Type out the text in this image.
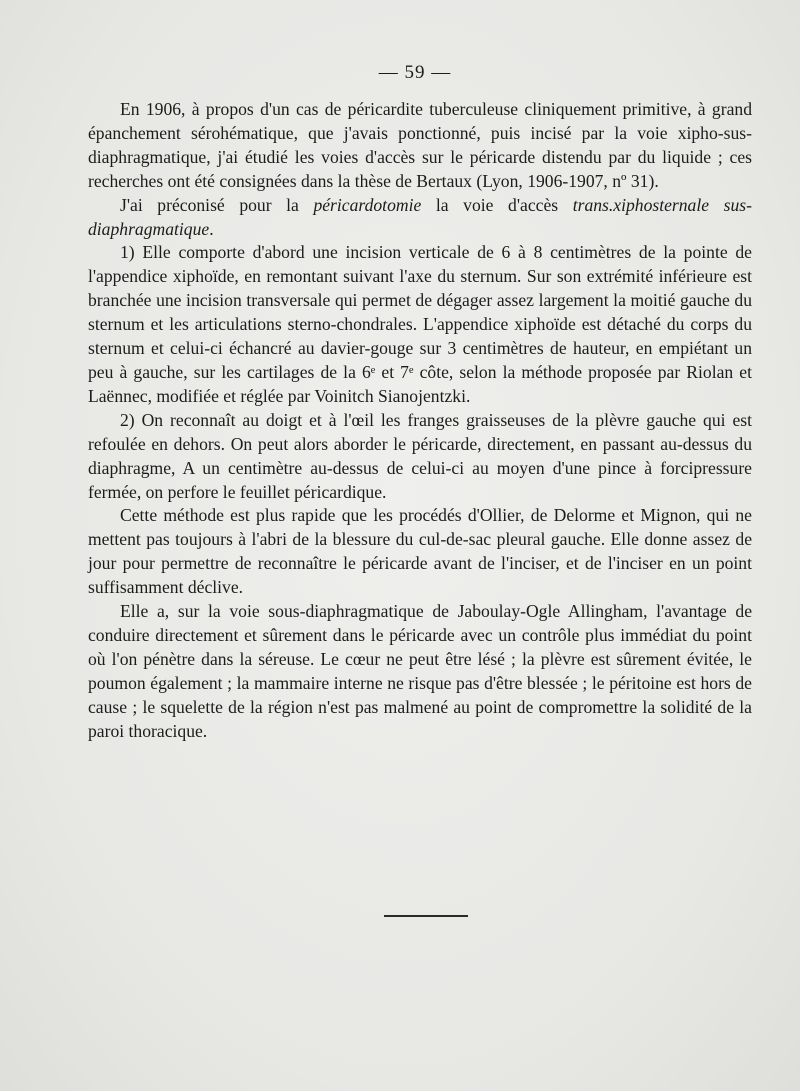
— 59 —

En 1906, à propos d'un cas de péricardite tuberculeuse cliniquement primitive, à grand épanchement sérohématique, que j'avais ponctionné, puis incisé par la voie xipho-sus-diaphragmatique, j'ai étudié les voies d'accès sur le péricarde distendu par du liquide ; ces recherches ont été consignées dans la thèse de Bertaux (Lyon, 1906-1907, nº 31).

J'ai préconisé pour la péricardotomie la voie d'accès trans.xiphosternale sus-diaphragmatique.

1) Elle comporte d'abord une incision verticale de 6 à 8 centimètres de la pointe de l'appendice xiphoïde, en remontant suivant l'axe du sternum. Sur son extrémité inférieure est branchée une incision transversale qui permet de dégager assez largement la moitié gauche du sternum et les articulations sterno-chondrales. L'appendice xiphoïde est détaché du corps du sternum et celui-ci échancré au davier-gouge sur 3 centimètres de hauteur, en empiétant un peu à gauche, sur les cartilages de la 6ᵉ et 7ᵉ côte, selon la méthode proposée par Riolan et Laënnec, modifiée et réglée par Voinitch Sianojentzki.

2) On reconnaît au doigt et à l'œil les franges graisseuses de la plèvre gauche qui est refoulée en dehors. On peut alors aborder le péricarde, directement, en passant au-dessus du diaphragme, A un centimètre au-dessus de celui-ci au moyen d'une pince à forcipressure fermée, on perfore le feuillet péricardique.

Cette méthode est plus rapide que les procédés d'Ollier, de Delorme et Mignon, qui ne mettent pas toujours à l'abri de la blessure du cul-de-sac pleural gauche. Elle donne assez de jour pour permettre de reconnaître le péricarde avant de l'inciser, et de l'inciser en un point suffisamment déclive.

Elle a, sur la voie sous-diaphragmatique de Jaboulay-Ogle Allingham, l'avantage de conduire directement et sûrement dans le péricarde avec un contrôle plus immédiat du point où l'on pénètre dans la séreuse. Le cœur ne peut être lésé ; la plèvre est sûrement évitée, le poumon également ; la mammaire interne ne risque pas d'être blessée ; le péritoine est hors de cause ; le squelette de la région n'est pas malmené au point de compromettre la solidité de la paroi thoracique.
